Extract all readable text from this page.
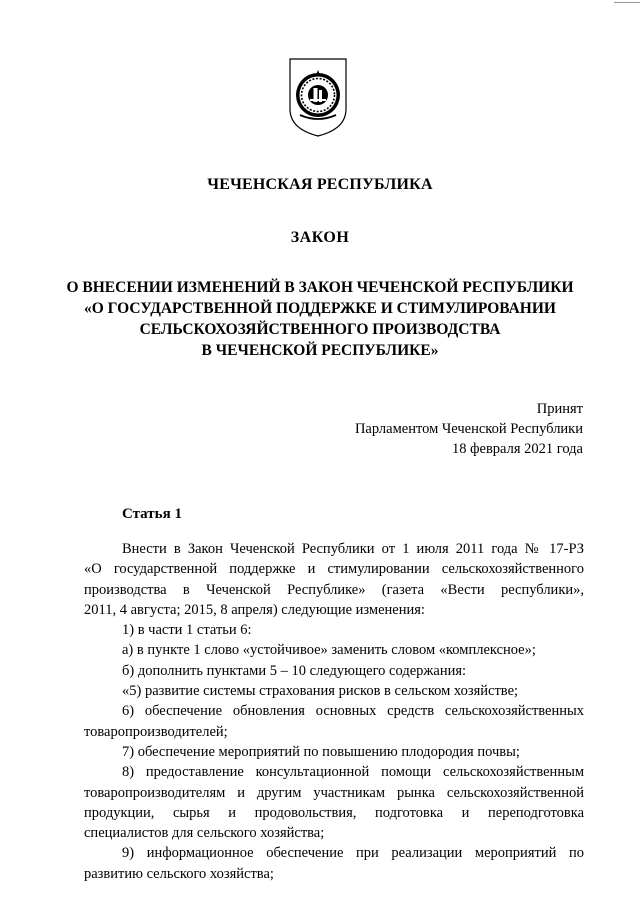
ЧЕЧЕНСКАЯ РЕСПУБЛИКА
ЗАКОН
О ВНЕСЕНИИ ИЗМЕНЕНИЙ В ЗАКОН ЧЕЧЕНСКОЙ РЕСПУБЛИКИ
«О ГОСУДАРСТВЕННОЙ ПОДДЕРЖКЕ И СТИМУЛИРОВАНИИ
СЕЛЬСКОХОЗЯЙСТВЕННОГО ПРОИЗВОДСТВА
В ЧЕЧЕНСКОЙ РЕСПУБЛИКЕ»
Принят
Парламентом Чеченской Республики
18 февраля 2021 года
Статья 1
Внести в Закон Чеченской Республики от 1 июля 2011 года № 17-РЗ
«О государственной поддержке и стимулировании сельскохозяйственного
производства в Чеченской Республике» (газета «Вести республики»,
2011, 4 августа; 2015, 8 апреля) следующие изменения:
1) в части 1 статьи 6:
а) в пункте 1 слово «устойчивое» заменить словом «комплексное»;
б) дополнить пунктами 5 – 10 следующего содержания:
«5) развитие системы страхования рисков в сельском хозяйстве;
6) обеспечение обновления основных средств сельскохозяйственных
товаропроизводителей;
7) обеспечение мероприятий по повышению плодородия почвы;
8) предоставление консультационной помощи сельскохозяйственным
товаропроизводителям и другим участникам рынка сельскохозяйственной
продукции, сырья и продовольствия, подготовка и переподготовка
специалистов для сельского хозяйства;
9) информационное обеспечение при реализации мероприятий по
развитию сельского хозяйства;
